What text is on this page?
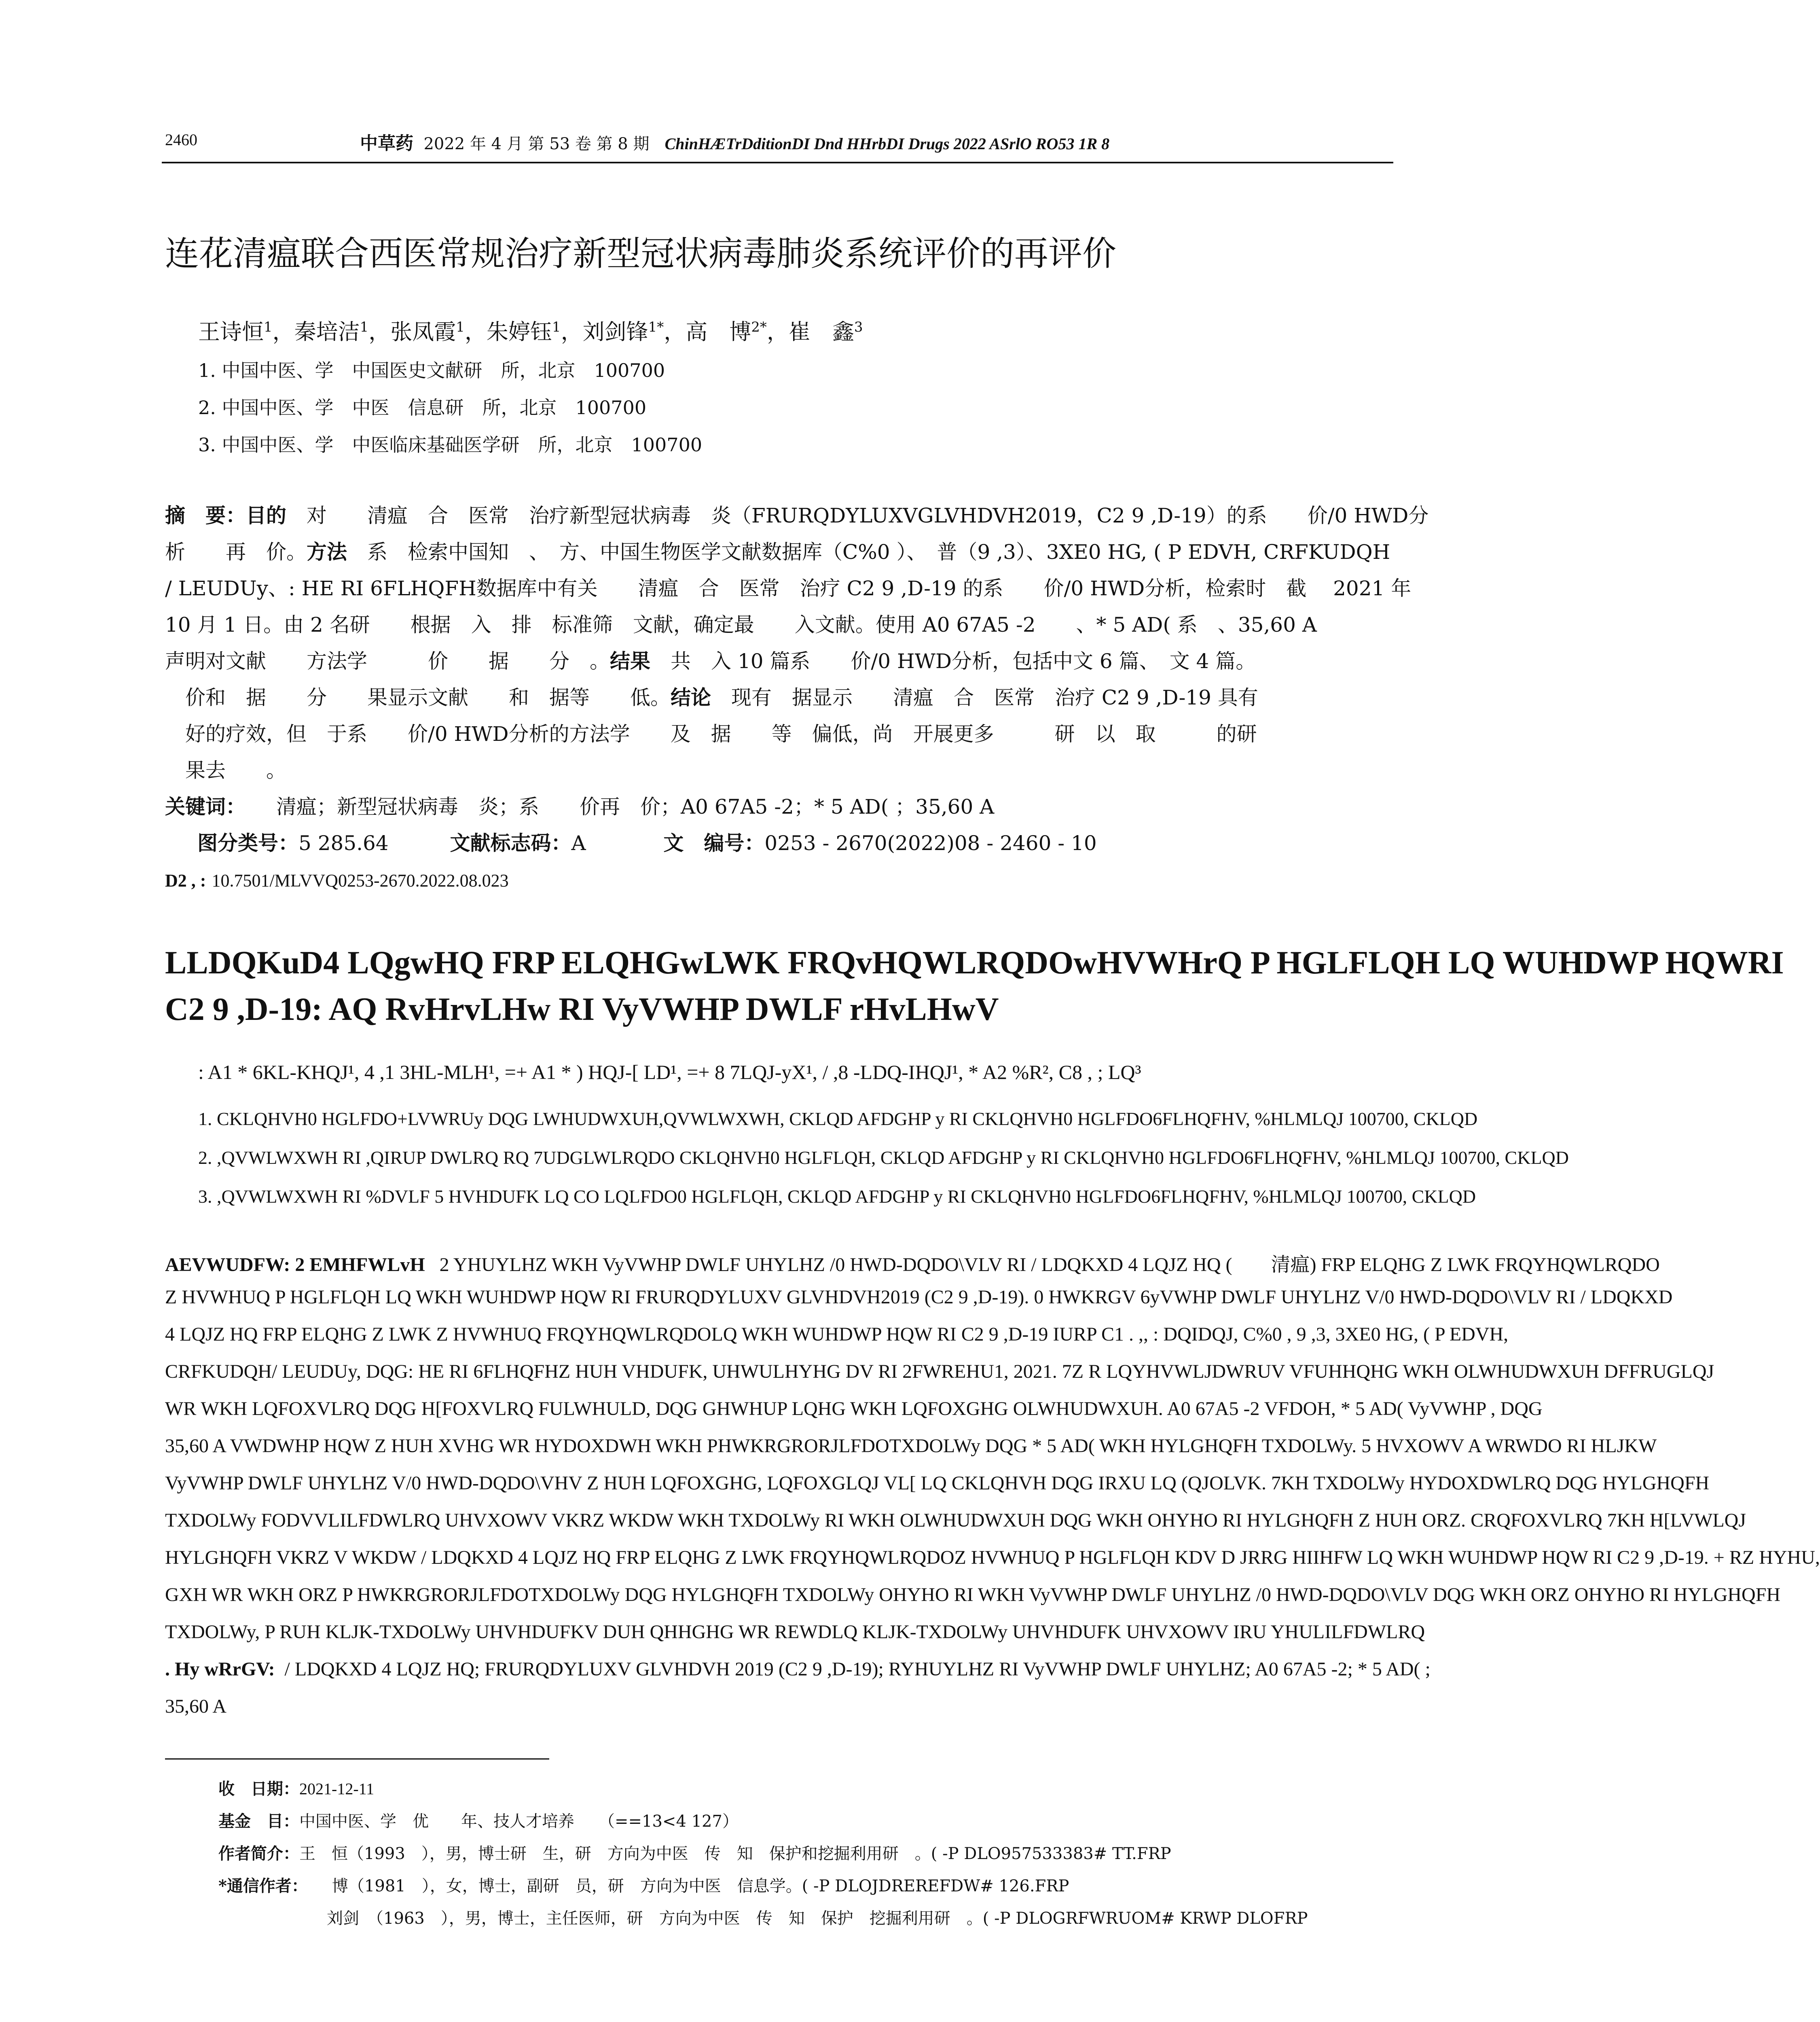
2460	中草药 2022 年 4 月 第 53 卷 第 8 期 ChinHÆTrDditionDI Dnd HHrbDI Drugs 2022 ASrlO RO53 1R 8
连花清瘟联合西医常规治疗新型冠状病毒肺炎系统评价的再评价
王诗恒$^1$，秦培洁$^1$，张凤霞$^1$，朱婷钰$^1$，刘剑锋$^{1*}$，高　博$^{2*}$，崔　鑫$^3$
1. 中国中医、学　中国医史文献研　所，北京　100700
2. 中国中医、学　中医　信息研　所，北京　100700
3. 中国中医、学　中医临床基础医学研　所，北京　100700
摘　要：目的　对　　清瘟　合　医常　治疗新型冠状病毒　炎（FRURQDYLUXVGLVHDVH2019，C2 9 ,D-19）的系　　价/0 HWD分
析　　再　价。方法　系　检索中国知　、　方、中国生物医学文献数据库（C%0 ）、　普（9 ,3）、3XE0 HG, ( P EDVH, CRFKUDQH
/ LEUDUy、: HE RI 6FLHQFH数据库中有关　　清瘟　合　医常　治疗 C2 9 ,D-19 的系　　价/0 HWD分析，检索时　截　 2021 年
10 月 1 日。由 2 名研　　根据　入　排　标准筛　文献，确定最　　入文献。使用 A0 67A5 -2　　、* 5 AD( 系　、35,60 A
声明对文献　　方法学　　　价　　据　　分　。结果　共　入 10 篇系　　价/0 HWD分析，包括中文 6 篇、　文 4 篇。
　价和　据　　分　　果显示文献　　和　据等　　低。结论　现有　据显示　　清瘟　合　医常　治疗 C2 9 ,D-19 具有
　好的疗效，但　于系　　价/0 HWD分析的方法学　　及　据　　等　偏低，尚　开展更多　　　研　以　取　　　的研
　果去　　。
关键词：　　清瘟；新型冠状病毒　炎；系　　价再　价；A0 67A5 -2；* 5 AD( ；35,60 A
图分类号：5 285.64	文献标志码：A	文　编号：0253 - 2670(2022)08 - 2460 - 10
D2 , : 10.7501/MLVVQ0253-2670.2022.08.023
LLDQKuD4 LQgwHQ FRP ELQHGwLWK FRQvHQWLRQDOwHVWHrQ P HGLFLQH LQ WUHDWP HQWRI
C2 9 ,D-19: AQ RvHrvLHw RI VyVWHP DWLF rHvLHwV
: A1 * 6KL-KHQJ¹, 4 ,1 3HL-MLH¹, =+ A1 * ) HQJ-[ LD¹, =+ 8 7LQJ-yX¹, / ,8 -LDQ-IHQJ¹, * A2 %R², C8 , ; LQ³
1. CKLQHVH0 HGLFDO+LVWRUy DQG LWHUDWXUH,QVWLWXWH, CKLQD AFDGHP y RI CKLQHVH0 HGLFDO6FLHQFHV, %HLMLQJ 100700, CKLQD
2. ,QVWLWXWH RI ,QIRUP DWLRQ RQ 7UDGLWLRQDO CKLQHVH0 HGLFLQH, CKLQD AFDGHP y RI CKLQHVH0 HGLFDO6FLHQFHV, %HLMLQJ 100700, CKLQD
3. ,QVWLWXWH RI %DVLF 5 HVHDUFK LQ CO LQLFDO0 HGLFLQH, CKLQD AFDGHP y RI CKLQHVH0 HGLFDO6FLHQFHV, %HLMLQJ 100700, CKLQD
AEVWUDFW: 2 EMHFWLvH 2 YHUYLHZ WKH VyVWHP DWLF UHYLHZ /0 HWD-DQDO\VLV RI / LDQKXD 4 LQJZ HQ (　　清瘟) FRP ELQHG Z LWK FRQYHQWLRQDO
Z HVWHUQ P HGLFLQH LQ WKH WUHDWP HQW RI FRURQDYLUXV GLVHDVH2019 (C2 9 ,D-19). 0 HWKRGV 6yVWHP DWLF UHYLHZ V/0 HWD-DQDO\VLV RI / LDQKXD
4 LQJZ HQ FRP ELQHG Z LWK Z HVWHUQ FRQYHQWLRQDOLQ WKH WUHDWP HQW RI C2 9 ,D-19 IURP C1 . ,, : DQIDQJ, C%0 , 9 ,3, 3XE0 HG, ( P EDVH,
CRFKUDQH/ LEUDUy, DQG: HE RI 6FLHQFHZ HUH VHDUFK, UHWULHYHG DV RI 2FWREHU1, 2021. 7Z R LQYHVWLJDWRUV VFUHHQHG WKH OLWHUDWXUH DFFRUGLQJ
WR WKH LQFOXVLRQ DQG H[FOXVLRQ FULWHULD, DQG GHWHUP LQHG WKH LQFOXGHG OLWHUDWXUH. A0 67A5 -2 VFDOH, * 5 AD( VyVWHP , DQG
35,60 A VWDWHP HQW Z HUH XVHG WR HYDOXDWH WKH PHWKRGRORJLFDOTXDOLWy DQG * 5 AD( WKH HYLGHQFH TXDOLWy. 5 HVXOWV A WRWDO RI HLJKW
VyVWHP DWLF UHYLHZ V/0 HWD-DQDO\VHV Z HUH LQFOXGHG, LQFOXGLQJ VL[ LQ CKLQHVH DQG IRXU LQ (QJOLVK. 7KH TXDOLWy HYDOXDWLRQ DQG HYLGHQFH
TXDOLWy FODVVLILFDWLRQ UHVXOWV VKRZ WKDW WKH TXDOLWy RI WKH OLWHUDWXUH DQG WKH OHYHO RI HYLGHQFH Z HUH ORZ. CRQFOXVLRQ 7KH H[LVWLQJ
HYLGHQFH VKRZ V WKDW / LDQKXD 4 LQJZ HQ FRP ELQHG Z LWK FRQYHQWLRQDOZ HVWHUQ P HGLFLQH KDV D JRRG HIIHFW LQ WKH WUHDWP HQW RI C2 9 ,D-19. + RZ HYHU,
GXH WR WKH ORZ P HWKRGRORJLFDOTXDOLWy DQG HYLGHQFH TXDOLWy OHYHO RI WKH VyVWHP DWLF UHYLHZ /0 HWD-DQDO\VLV DQG WKH ORZ OHYHO RI HYLGHQFH
TXDOLWy, P RUH KLJK-TXDOLWy UHVHDUFKV DUH QHHGHG WR REWDLQ KLJK-TXDOLWy UHVHDUFK UHVXOWV IRU YHULILFDWLRQ
. Hy wRrGV: / LDQKXD 4 LQJZ HQ; FRURQDYLUXV GLVHDVH 2019 (C2 9 ,D-19); RYHUYLHZ RI VyVWHP DWLF UHYLHZ; A0 67A5 -2; * 5 AD( ;
35,60 A
收　日期：2021-12-11
基金　目：中国中医、学　优　　年、技人才培养　　（==13<4 127）
作者简介：王　恒（1993　），男，博士研　生，研　方向为中医　传　知　保护和挖掘利用研　。( -P DLO957533383# TT.FRP
*通信作者：　　博（1981　），女，博士，副研　员，研　方向为中医　信息学。( -P DLOJDREREFDW# 126.FRP
刘剑　（1963　），男，博士，主任医师，研　方向为中医　传　知　保护　挖掘利用研　。( -P DLOGRFWRUOM# KRWP DLOFRP
